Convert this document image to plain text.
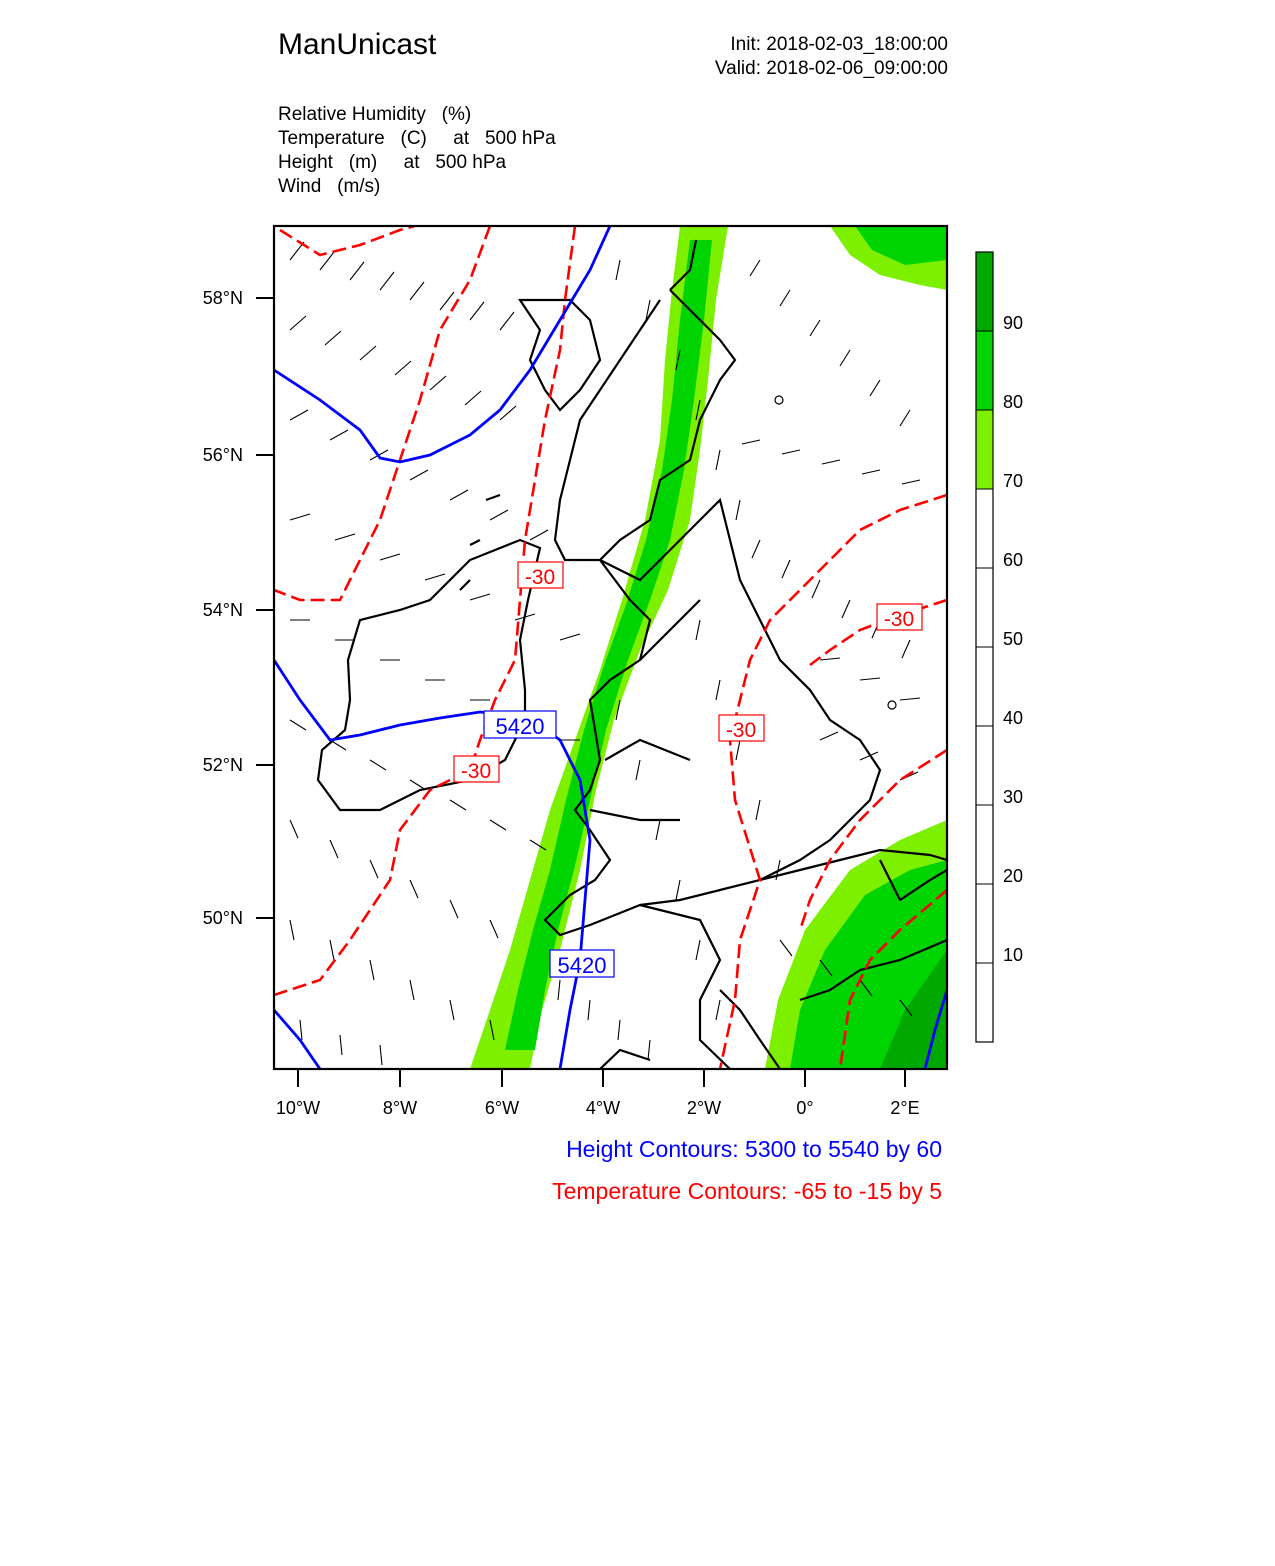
ManUnicast	Init: 2018-02-03_18:00:00
Valid: 2018-02-06_09:00:00
Relative Humidity   (%)
Temperature   (C)     at   500 hPa
Height   (m)     at   500 hPa
Wind   (m/s)
-30
-30
-30
-30
5420
5420
58°N
56°N
54°N
52°N
50°N
10°W	8°W	6°W	4°W	2°W	0°	2°E
90
80
70
60
50
40
30
20
10
Height Contours: 5300 to 5540 by 60
Temperature Contours: -65 to -15 by 5
